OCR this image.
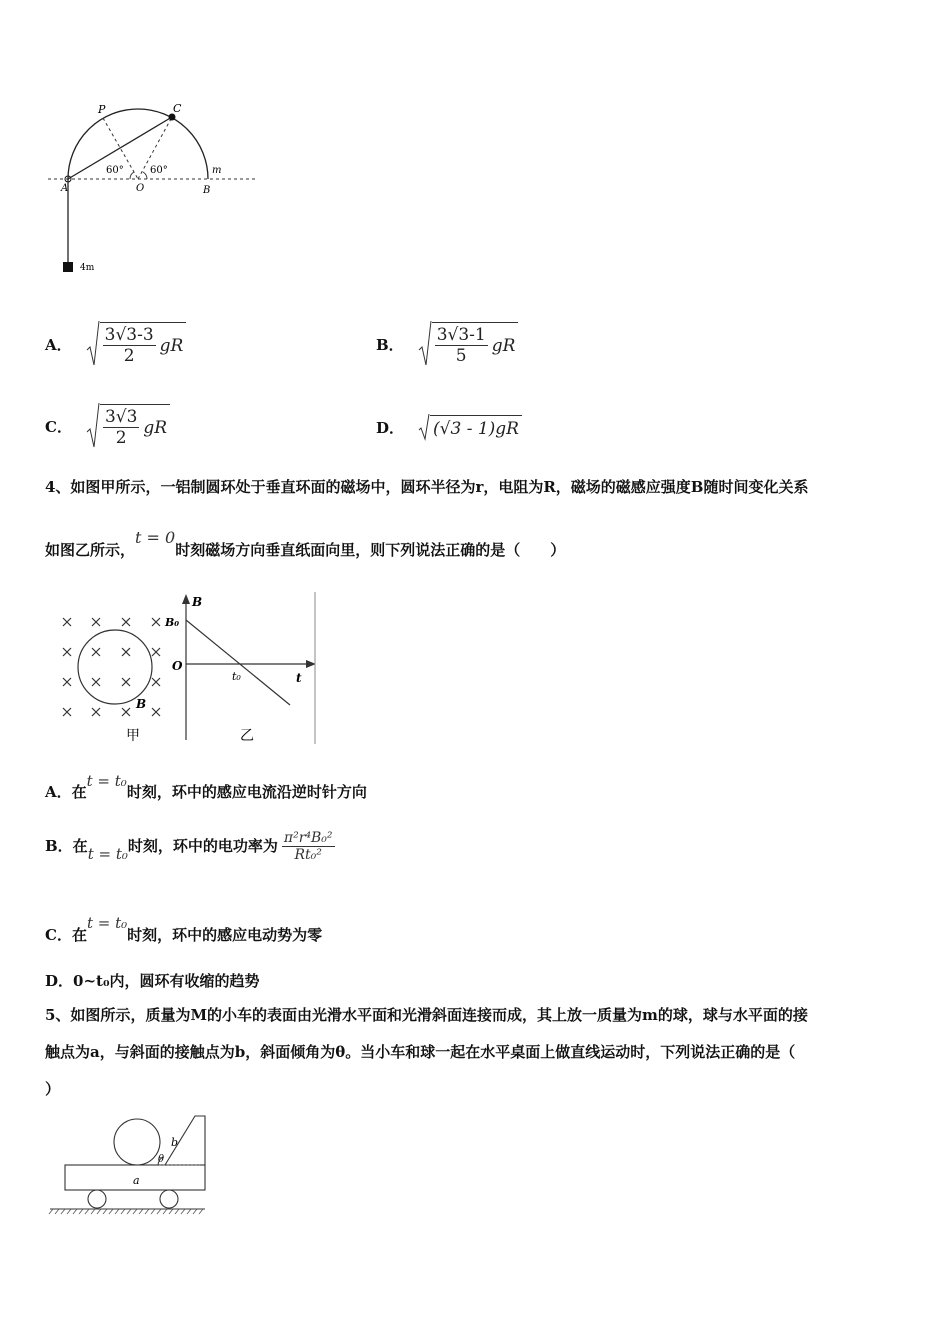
P	C
m
A	O	B
60°	60°
4m
A． $\frac{3√3-3}{2}$ gR	B． $\frac{3√3-1}{5}$ gR
C． $\frac{3√3}{2}$ gR	D． (√3 - 1)gR
4、如图甲所示，一铝制圆环处于垂直环面的磁场中，圆环半径为r，电阻为R，磁场的磁感应强度B随时间变化关系
如图乙所示，
t = 0
时刻磁场方向垂直纸面向里，则下列说法正确的是（　　）
B
B
B₀
O
t₀	t
甲	乙
A．在
t = t₀
时刻，环中的感应电流沿逆时针方向
B．在 t = t₀ 时刻，环中的电功率为 $\frac{\text{π²r⁴B₀²}}{\text{Rt₀²}}$
C．在
t = t₀
时刻，环中的感应电动势为零
D．0~t₀内，圆环有收缩的趋势
5、如图所示，质量为M的小车的表面由光滑水平面和光滑斜面连接而成，其上放一质量为m的球，球与水平面的接
触点为a，与斜面的接触点为b，斜面倾角为θ。当小车和球一起在水平桌面上做直线运动时，下列说法正确的是（
）
b
θ
a
